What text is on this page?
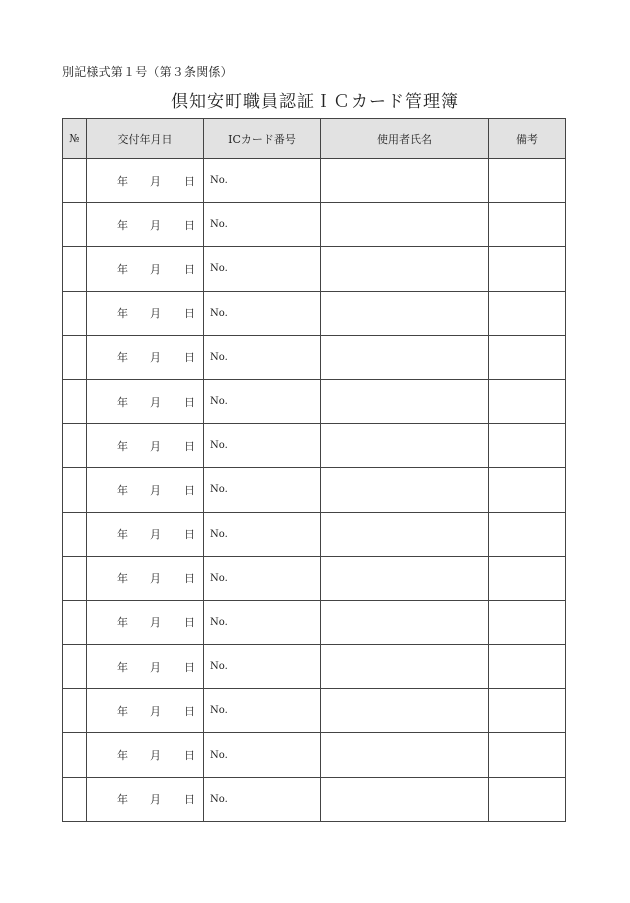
別記様式第１号（第３条関係）
倶知安町職員認証ＩＣカード管理簿
№	交付年月日	ICカード番号	使用者氏名	備考

	年 月 日	No.		

	年 月 日	No.		

	年 月 日	No.		

	年 月 日	No.		

	年 月 日	No.		

	年 月 日	No.		

	年 月 日	No.		

	年 月 日	No.		

	年 月 日	No.		

	年 月 日	No.		

	年 月 日	No.		

	年 月 日	No.		

	年 月 日	No.		

	年 月 日	No.		

	年 月 日	No.		
